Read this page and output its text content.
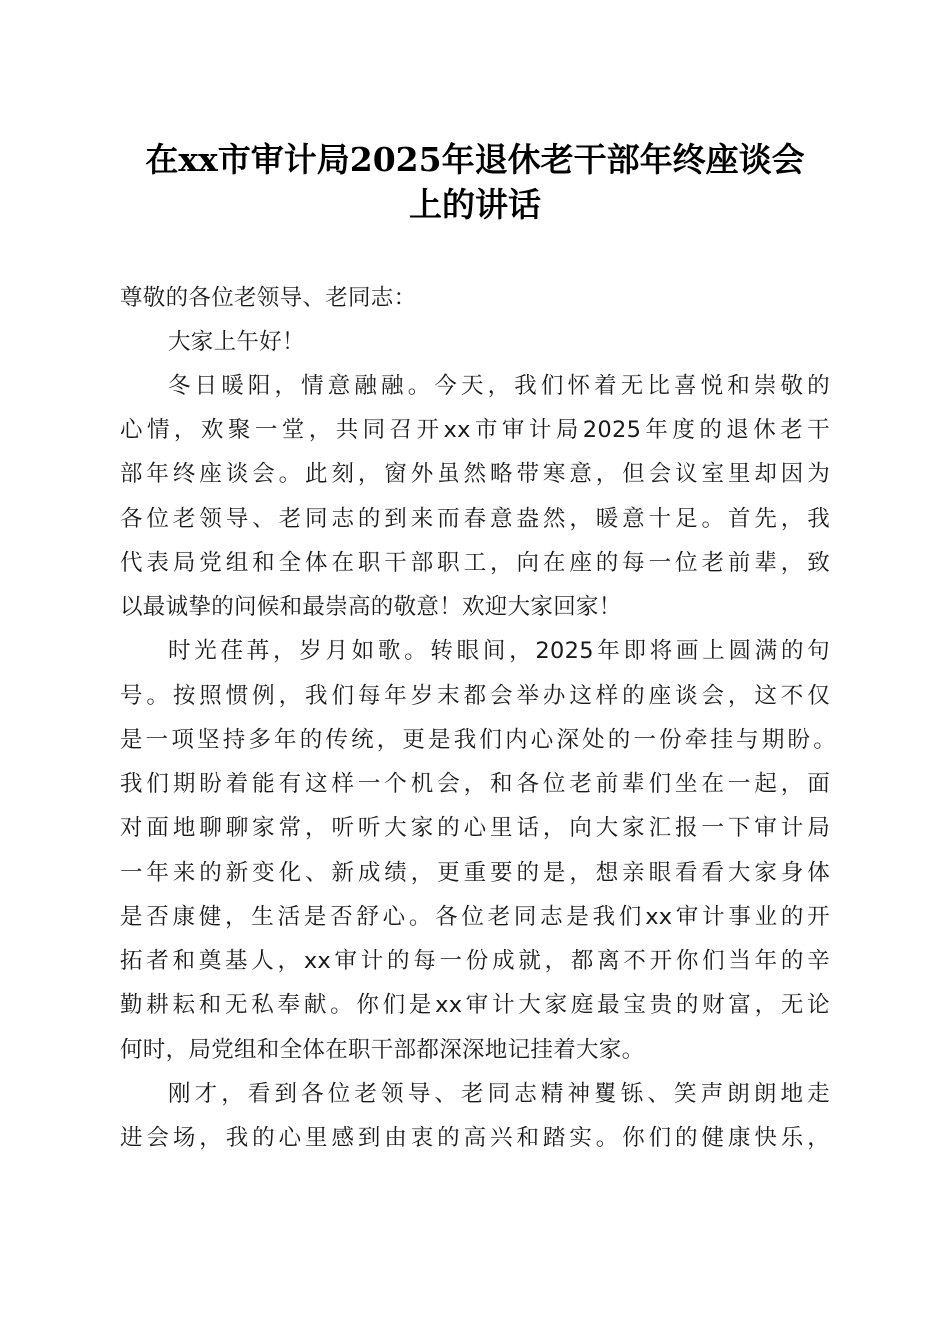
在xx市审计局2025年退休老干部年终座谈会
上的讲话
尊敬的各位老领导、老同志：
大家上午好！
冬日暖阳，情意融融。今天，我们怀着无比喜悦和崇敬的
心情，欢聚一堂，共同召开xx市审计局2025年度的退休老干
部年终座谈会。此刻，窗外虽然略带寒意，但会议室里却因为
各位老领导、老同志的到来而春意盎然，暖意十足。首先，我
代表局党组和全体在职干部职工，向在座的每一位老前辈，致
以最诚挚的问候和最崇高的敬意！欢迎大家回家！
时光荏苒，岁月如歌。转眼间，2025年即将画上圆满的句
号。按照惯例，我们每年岁末都会举办这样的座谈会，这不仅
是一项坚持多年的传统，更是我们内心深处的一份牵挂与期盼。
我们期盼着能有这样一个机会，和各位老前辈们坐在一起，面
对面地聊聊家常，听听大家的心里话，向大家汇报一下审计局
一年来的新变化、新成绩，更重要的是，想亲眼看看大家身体
是否康健，生活是否舒心。各位老同志是我们xx审计事业的开
拓者和奠基人，xx审计的每一份成就，都离不开你们当年的辛
勤耕耘和无私奉献。你们是xx审计大家庭最宝贵的财富，无论
何时，局党组和全体在职干部都深深地记挂着大家。
刚才，看到各位老领导、老同志精神矍铄、笑声朗朗地走
进会场，我的心里感到由衷的高兴和踏实。你们的健康快乐，
